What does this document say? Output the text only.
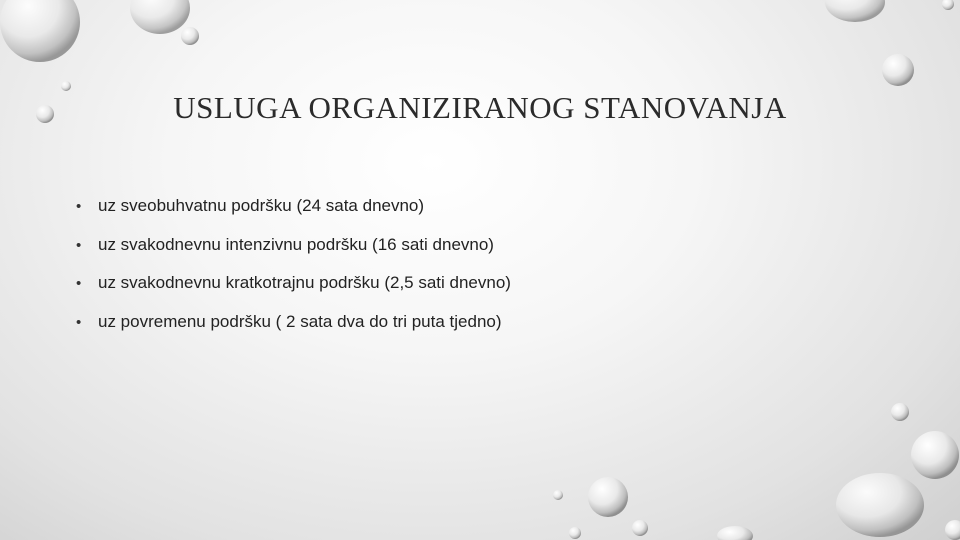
USLUGA ORGANIZIRANOG STANOVANJA
• uz sveobuhvatnu podršku (24 sata dnevno)
• uz svakodnevnu intenzivnu podršku (16 sati dnevno)
• uz svakodnevnu kratkotrajnu podršku (2,5 sati dnevno)
• uz povremenu podršku ( 2 sata dva do tri puta tjedno)
